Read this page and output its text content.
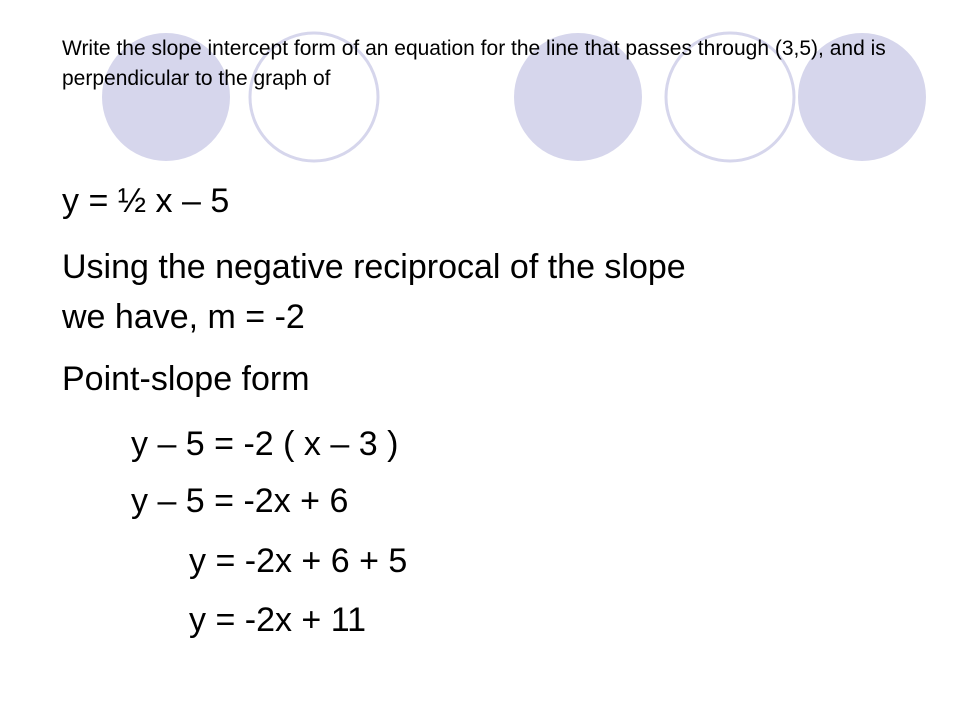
Write the slope intercept form of an equation for the line that passes through (3,5), and is perpendicular to the graph of
y = ½ x – 5
Using the negative reciprocal of the slope
we have, m = -2
Point-slope form
y – 5 = -2 ( x – 3 )
y – 5 = -2x + 6
y = -2x + 6 + 5
y = -2x + 11
